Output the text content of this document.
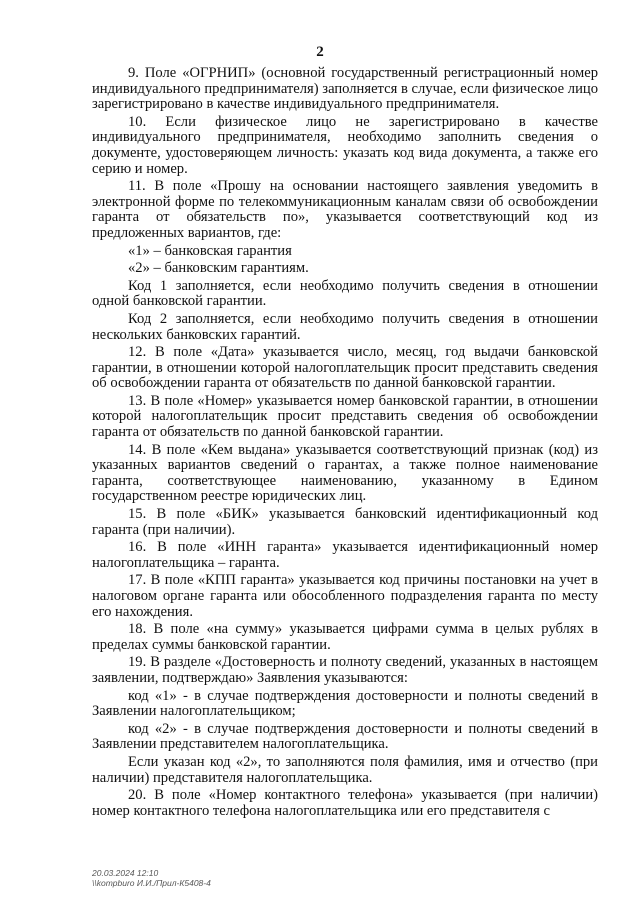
2

9. Поле «ОГРНИП» (основной государственный регистрационный номер индивидуального предпринимателя) заполняется в случае, если физическое лицо зарегистрировано в качестве индивидуального предпринимателя.

10. Если физическое лицо не зарегистрировано в качестве индивидуального предпринимателя, необходимо заполнить сведения о документе, удостоверяющем личность: указать код вида документа, а также его серию и номер.

11. В поле «Прошу на основании настоящего заявления уведомить в электронной форме по телекоммуникационным каналам связи об освобождении гаранта от обязательств по», указывается соответствующий код из предложенных вариантов, где:

«1» – банковская гарантия

«2» – банковским гарантиям.

Код 1 заполняется, если необходимо получить сведения в отношении одной банковской гарантии.

Код 2 заполняется, если необходимо получить сведения в отношении нескольких банковских гарантий.

12. В поле «Дата» указывается число, месяц, год выдачи банковской гарантии, в отношении которой налогоплательщик просит представить сведения об освобождении гаранта от обязательств по данной банковской гарантии.

13. В поле «Номер» указывается номер банковской гарантии, в отношении которой налогоплательщик просит представить сведения об освобождении гаранта от обязательств по данной банковской гарантии.

14. В поле «Кем выдана» указывается соответствующий признак (код) из указанных вариантов сведений о гарантах, а также полное наименование гаранта, соответствующее наименованию, указанному в Едином государственном реестре юридических лиц.

15. В поле «БИК» указывается банковский идентификационный код гаранта (при наличии).

16. В поле «ИНН гаранта» указывается идентификационный номер налогоплательщика – гаранта.

17. В поле «КПП гаранта» указывается код причины постановки на учет в налоговом органе гаранта или обособленного подразделения гаранта по месту его нахождения.

18. В поле «на сумму» указывается цифрами сумма в целых рублях в пределах суммы банковской гарантии.

19. В разделе «Достоверность и полноту сведений, указанных в настоящем заявлении, подтверждаю» Заявления указываются:

код «1» - в случае подтверждения достоверности и полноты сведений в Заявлении налогоплательщиком;

код «2» - в случае подтверждения достоверности и полноты сведений в Заявлении представителем налогоплательщика.

Если указан код «2», то заполняются поля фамилия, имя и отчество (при наличии) представителя налогоплательщика.

20. В поле «Номер контактного телефона» указывается (при наличии) номер контактного телефона налогоплательщика или его представителя с

20.03.2024 12:10
\\kompburo И.И./Прил-К5408-4
